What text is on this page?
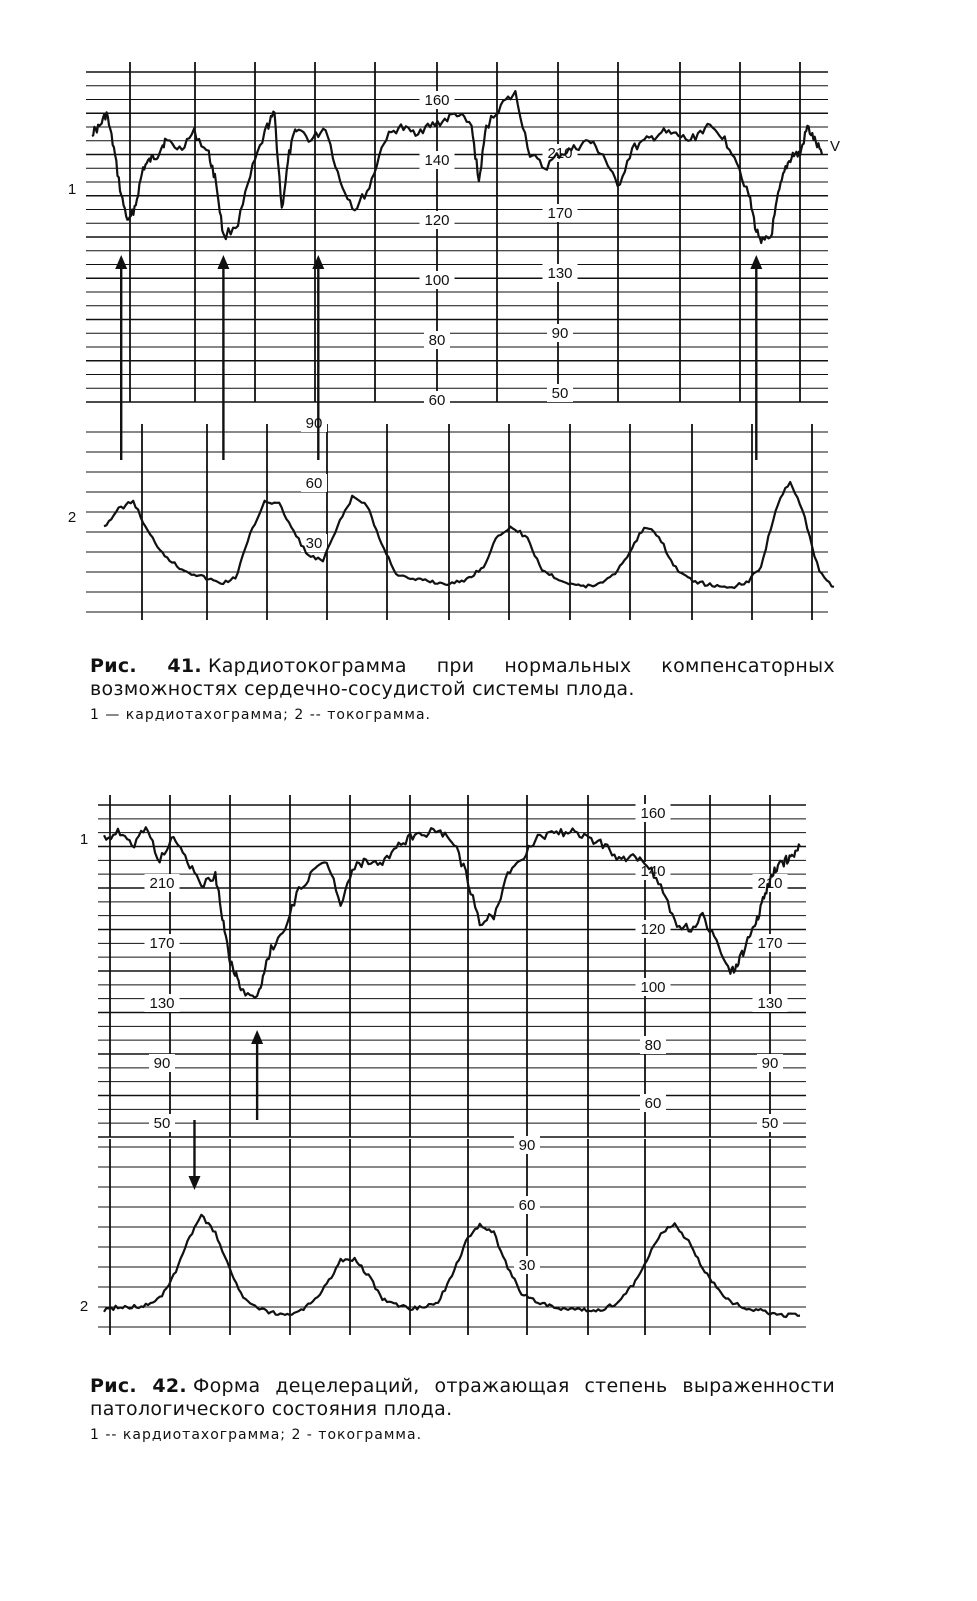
160
140
120
100
80
60
210
170
130
90
50
90
60
30
V
1
2
Рис. 41. Кардиотокограмма при нормальных компенсаторных возможностях сердечно-сосудистой системы плода.
1 — кардиотахограмма; 2 -- токограмма.
210
170
130
90
50
160
140
120
100
80
60
210
170
130
90
50
90
60
30
1
2
Рис. 42. Форма децелераций, отражающая степень выраженности патологического состояния плода.
1 -- кардиотахограмма; 2 - токограмма.
